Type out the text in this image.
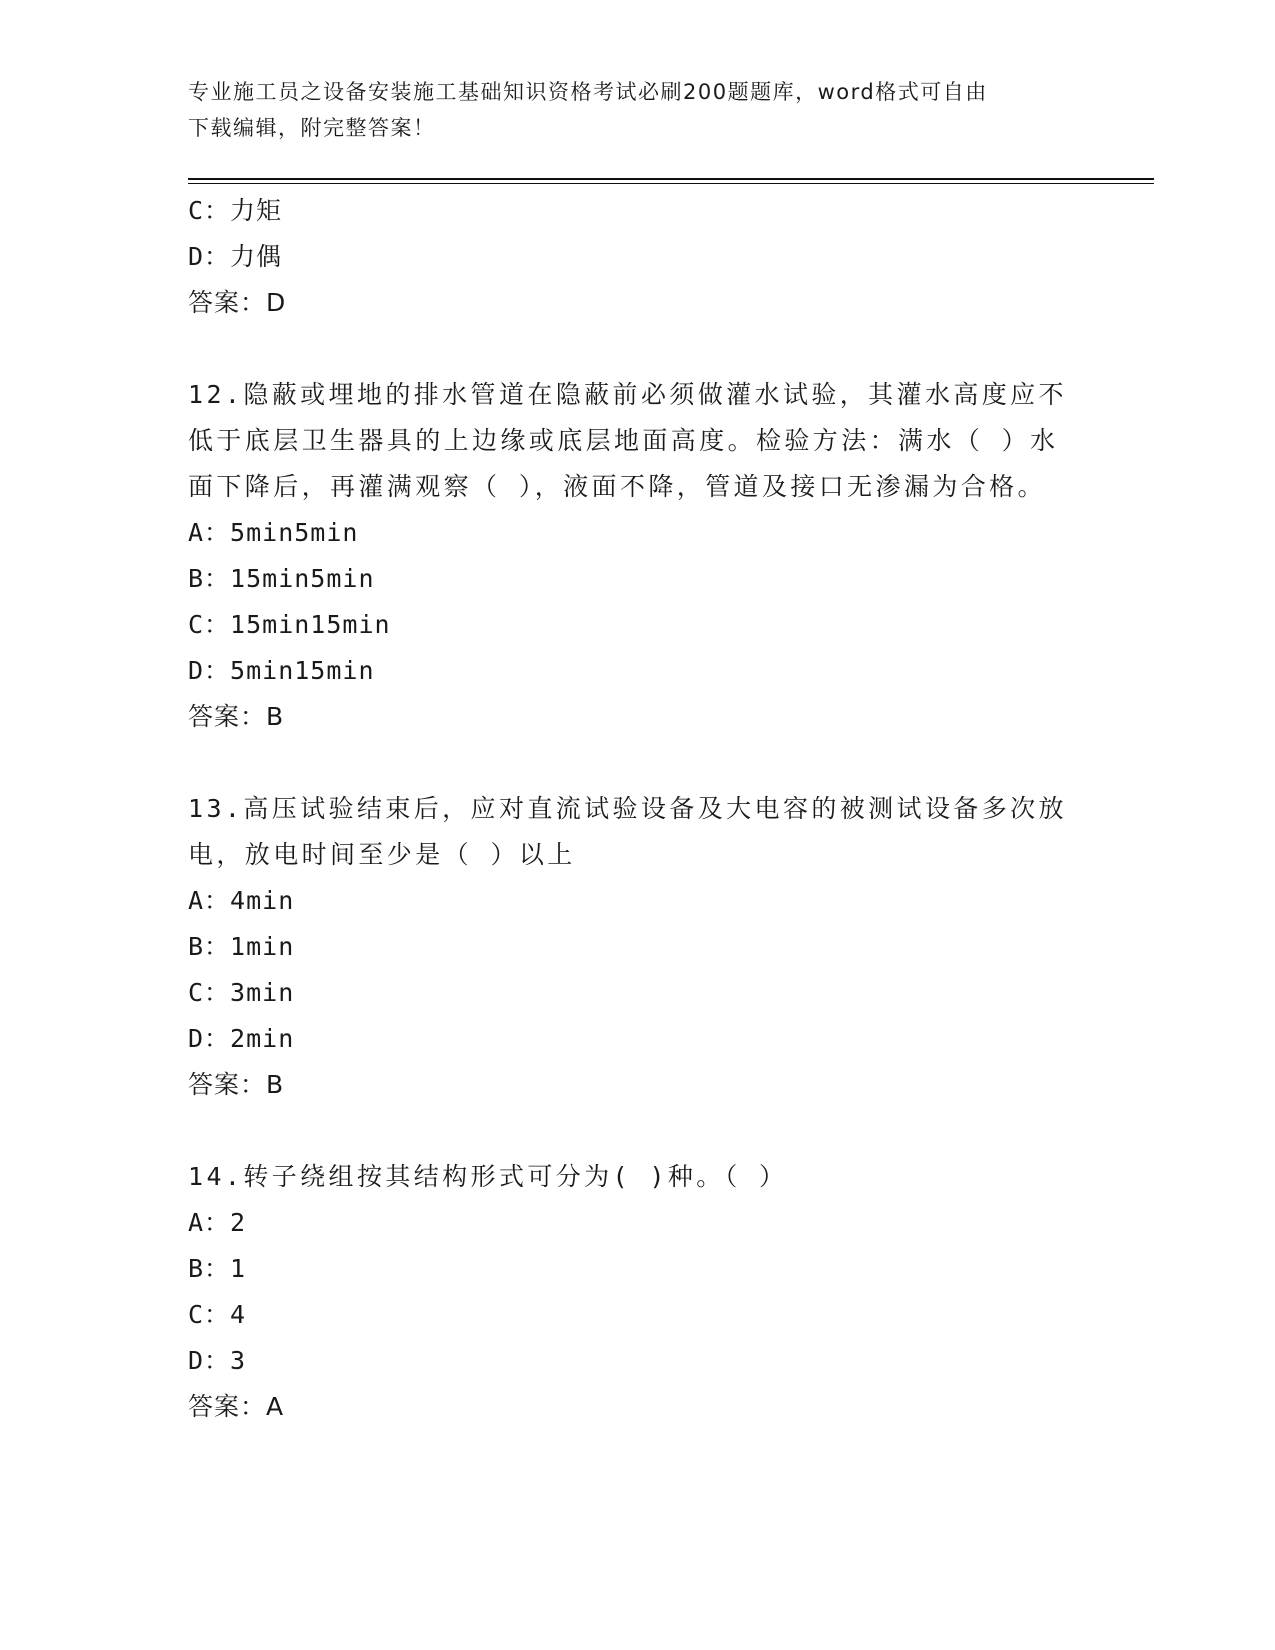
专业施工员之设备安装施工基础知识资格考试必刷200题题库，word格式可自由
下载编辑，附完整答案！
C：力矩
D：力偶
答案：D
12.隐蔽或埋地的排水管道在隐蔽前必须做灌水试验，其灌水高度应不
低于底层卫生器具的上边缘或底层地面高度。检验方法：满水（ ）水
面下降后，再灌满观察（ ），液面不降，管道及接口无渗漏为合格。
A：5min5min
B：15min5min
C：15min15min
D：5min15min
答案：B
13.高压试验结束后，应对直流试验设备及大电容的被测试设备多次放
电，放电时间至少是（ ）以上
A：4min
B：1min
C：3min
D：2min
答案：B
14.转子绕组按其结构形式可分为( )种。（ ）
A：2
B：1
C：4
D：3
答案：A
